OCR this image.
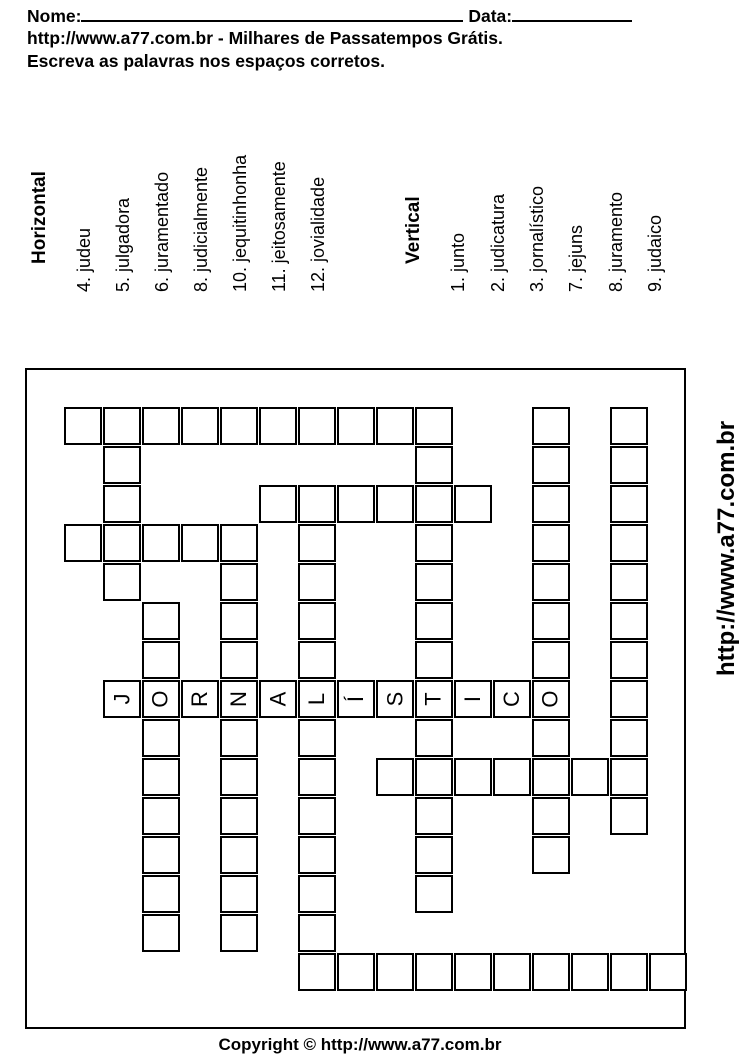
Nome:	Data:
http://www.a77.com.br - Milhares de Passatempos Grátis.
Escreva as palavras nos espaços corretos.
Horizontal 4. judeu 5. julgadora 6. juramentado 8. judicialmente 10. jequitinhonha 11. jeitosamente 12. jovialidade	Vertical 1. junto 2. judicatura 3. jornalístico 7. jejuns 8. juramento 9. judaico
T
O N L
J R A Í S I C O
http://www.a77.com.br
Copyright © http://www.a77.com.br
